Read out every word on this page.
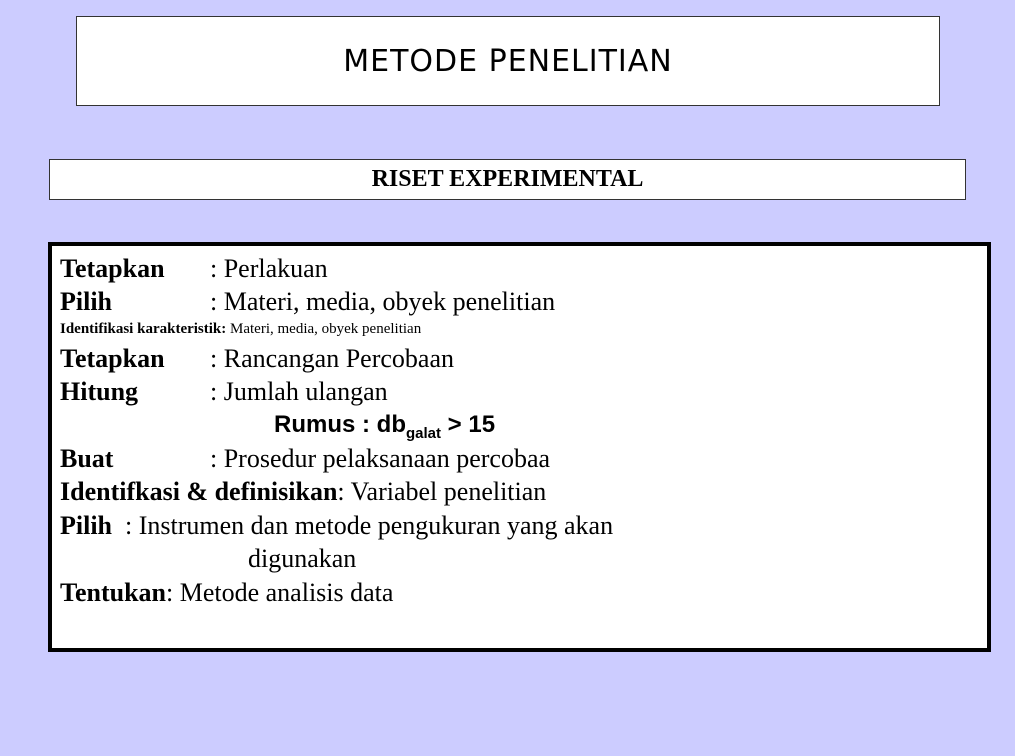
METODE PENELITIAN
RISET EXPERIMENTAL
Tetapkan : Perlakuan
Pilih	: Materi, media, obyek penelitian
Identifikasi karakteristik: Materi, media, obyek penelitian
Tetapkan : Rancangan Percobaan
Hitung	: Jumlah ulangan
Rumus : $db_{galat} > 15$
Buat	: Prosedur pelaksanaan percobaa
Identifkasi & definisikan: Variabel penelitian
Pilih  : Instrumen dan metode pengukuran yang akan
digunakan
Tentukan: Metode analisis data
